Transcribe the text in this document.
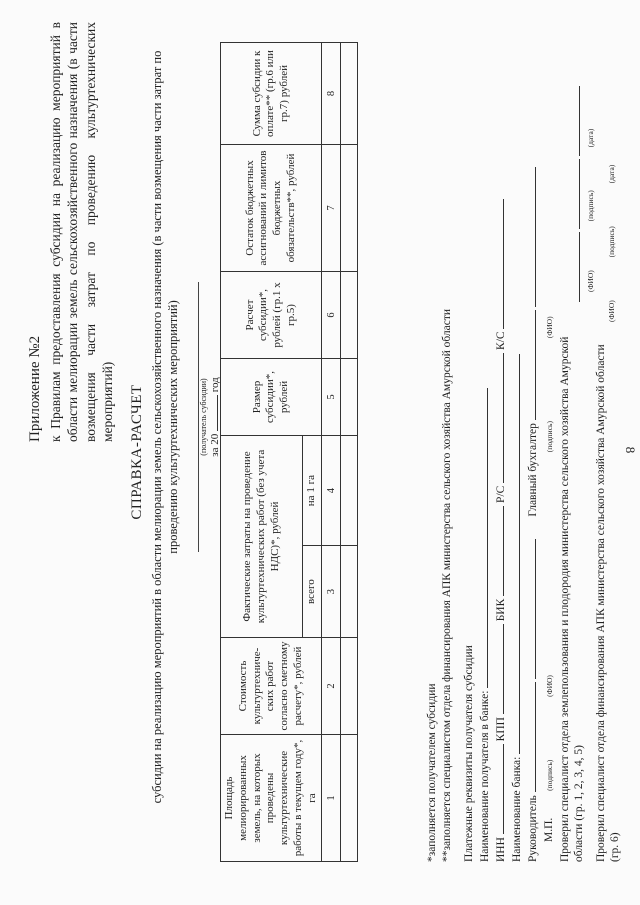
8
Приложение №2 к Правилам предоставления субсидии на реализацию мероприятий в области мелиорации земель сельскохозяйственного назначения (в части возмещения части затрат по проведению культуртехнических мероприятий) СПРАВКА-РАСЧЕТ субсидии на реализацию мероприятий в области мелиорации земель сельскохозяйственного назначения (в части возмещения части затрат по проведению культуртехнических мероприятий) (получатель субсидии) за 20  год
Площадь мелиорированных земель, на которых проведены культуртехнические работы в текущем году*, га	Стоимость культуртехниче-ских работ согласно сметному расчету*, рублей	Фактические затраты на проведение культуртехнических работ (без учета НДС)*, рублей		Размер субсидии*, рублей	Расчет субсидии*, рублей (гр.1 х гр.5)	Остаток бюджетных ассигнований и лимитов бюджетных обязательств**, рублей	Сумма субсидии к оплате** (гр.6 или гр.7) рублей
		всего	на 1 га				
1	2	3	4	5	6	7	8

*заполняется получателем субсидии **заполняется специалистом отдела финансирования АПК министерства сельского хозяйства Амурской области Платежные реквизиты получателя субсидии Наименование получателя в банке: ИНН  КПП  БИК  Р/С  К/С
Наименование банка: Руководитель   Главный бухгалтер
М.П. (подпись) (ФИО) (подпись) (ФИО)
Проверил специалист отдела землепользования и плодородия министерства сельского хозяйства Амурской области (гр. 1, 2, 3, 4, 5)

(ФИО) (подпись) (дата)
Проверил специалист отдела финансирования АПК министерства сельского хозяйства Амурской области (гр. 6)
(ФИО) (подпись) (дата)
